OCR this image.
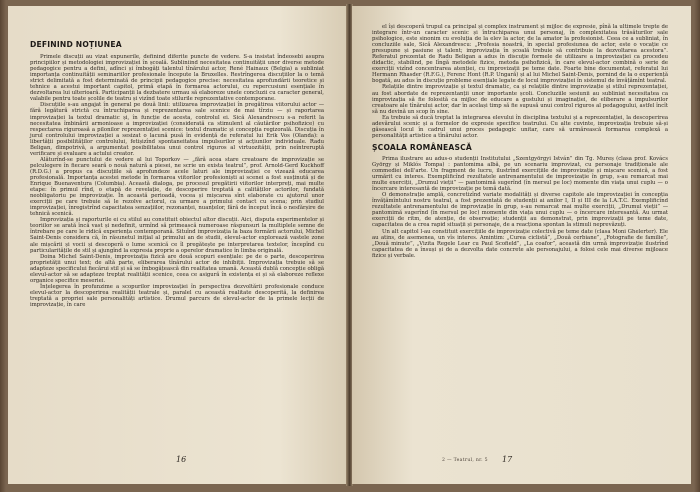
DEFININD NOȚIUNEA

Primele discuții au vizat expunerile, definind diferite puncte de vedere. S-a insistat îndeosebi asupra principiilor și metodologiei improvizației în școală. Subliniind necesitatea continuității unor diverse metode pedagogice pentru a defini, adînci și îmbogăți talentul tînărului actor, René Hainaux (Belgia) a subliniat importanța continuității seminariilor profesionale începute la Bruxelles. Restrîngerea discuțiilor la o temă strict delimitată a fost determinată de principii pedagogice precise: necesitatea aprofundării teoretice și tehnice a acestui important capitol, primă etapă în formarea actorului, cu repercusiuni esențiale în dezvoltarea lui ulterioară. Participanții la dezbatere urmau să elaboreze unele concluzii cu caracter general, valabile pentru toate școlile de teatru și vizînd toate stilurile reprezentative contemporane.

Discuțiile s-au angajat în general pe două linii: utilizarea improvizației în pregătirea viitorului actor — fără legătură strictă cu întruchiparea și reprezentarea sale scenice de mai tîrziu — și raportarea improvizației la textul dramatic și, în funcție de acesta, controlul ei. Sică Alexandrescu s-a referit la necesitatea îmbinării armonioase a improvizației (considerată ca stimulent al căutărilor psihofizice) cu respectarea riguroasă a pilonilor reprezentației scenice: textul dramatic și concepția regizorală. Discuția în jurul controlului improvizației a sesizat o lacună pusă în evidență de referatul lui Erik Vos (Olanda): a libertății posibilităților controlului, fetișizînd spontaneitatea impulsurilor și acțiunilor individuale. Radu Beligan, dimpotrivă, a argumentat posibilitatea unui control riguros al virtuozității, prin neîntreruptă verificare și evaluare a actului creator.

Alăturînd-se punctului de vedere al lui Toporkov — „fără acea stare creatoare de improvizație se pelculegere în fiecare seară o nouă natură a piesei, ne scrie un exista teatrul”, prof. Arnold-Gerd Kuckhoff (R.D.G.) a propus ca discuțiile să aprofundeze acele laturi ale improvizației ce vizează educarea profesională. Importanța acestei metode în formarea viitorilor profesioniști ai scenei a fost susținută și de Enrique Buenaventura (Columbia). Această dialoga, pe procesul pregătirii viitorilor interpreți, mai multe etape: în primul rînd, o etapă de revelație, de descoperire treptată a calităților actorilor, fundată neobligatoriu pe improvizație. În această perioadă, vocea și mișcarea sînt elaborate cu ajutorul unor exerciții pe care trebuie să le rezolve actorul, ca urmare a primului contact cu scena; prin studiul improvizației, înregistrînd capacitatea senzațiilor, rezonanței, nuanțelor, fără de început încă o nesfărșire de tehnică scenică.

Improvizația și raporturile ei cu stilul au constituit obiectul altor discuții. Aici, disputa experimentelor și teoriilor se arată încă vast și nedefinit, urmînd să primească numeroase răspunsuri la multiplele semne de întrebare pe care le ridică experiența contemporană. Situînd improvizația la baza formării actorului, Michel Saint-Denis considera că, în răsunetul inițial al primului an de studii, elevul-actor explorează vastele zone ale mișcării și vocii și descoperă o lume scenică ce îl pregătește pe interpretarea textelor, începînd cu particularitățile de stil și ajungînd la expresia proprie a operelor dramatice în limba originală.

Doina Michel Saint-Denis, improvizația fizică are două scopuri esențiale: pe de o parte, descoperirea proprietății unui text; de altă parte, eliberarea tînărului actor de inhibiții. Improvizația trebuie să se adapteze specificului fiecărui stil și să se îmbogățească din realitatea umană. Această dublă concepție obligă elevul-actor să se adapteze treptat realității scenice, ceea ce asigură în existența ei și să elaboreze reflexe organice specifice meseriei.

Înțelegerea în profunzime a scopurilor improvizației în perspectiva dezvoltării profesionale conduce elevul-actor la descoperirea realității teatrale și, paralel cu această realitate descoperită, la definirea treptată a propriei sale personalități artistice. Drumul parcurs de elevul-actor de la primele lecții de improvizație, în care

16

el își descoperă trupul ca principal și complex instrument și mijloc de expresie, pînă la ultimele trepte de integrare într-un caracter scenic și întruchiparea unui personaj, în complexitatea trăsăturilor sale psihologice, este sinonim cu evoluția de la elev la actor, de la amator la profesionist. Ceea ce a subliniat, în concluziile sale, Sică Alexandrescu: „Profesia noastră, în special profesiunea de actor, este o vocație ce presupune și pasiune și talent; improvizația în școală trebuie să contribuie la dezvoltarea acestora”. Referatul prezentat de Radu Beligan a adus în discuție formele de utilizare a improvizației ca procedeu didactic, stabilind, pe lîngă metodele fizice, metoda psihofizică, în care elevul-actor combină o serie de exerciții vizînd concentrarea atenției, cu improvizații pe teme date. Foarte bine documentat, referatul lui Hermann Rhasder (R.F.G.), Ferenc Hont (R.P. Ungară) și al lui Michel Saint-Denis, pornind de la o experiență bogată, au adus în discuție probleme esențiale legate de locul improvizației în sistemul de învățămînt teatral.

Relațiile dintre improvizație și textul dramatic, ca și relațiile dintre improvizație și stilul reprezentației, au fost abordate de reprezentanții unor importante școli. Concluziile sesiunii au subliniat necesitatea ca improvizația să fie folosită ca mijloc de educare a gustului și imaginației, de eliberare a impulsurilor creatoare ale tînărului actor, dar în același timp să fie supusă unui control riguros al pedagogului, astfel încît să nu devină un scop în sine.

Ea trebuie să ducă treptat la integrarea elevului în disciplina textului și a reprezentației, la descoperirea adevărului scenic și a formelor de expresie specifice teatrului. Cu alte cuvinte, improvizația trebuie să-și găsească locul în cadrul unui proces pedagogic unitar, care să urmărească formarea complexă a personalității artistice a tînărului actor.

ȘCOALA ROMÂNEASCĂ

Prima ilustrare au adus-o studenții Institutului „Szentgyörgyi István” din Tg. Mureș (clasa prof. Kovács György și Miklós Tompa) : pantomima albă, pe un scenariu improvizat, cu personaje tradiționale ale commediei dell'arte. Un fragment de lucru, ilustrînd exercițiile de improvizație și mișcare scenică, a fost urmărit cu interes. Exemplificînd rezultatele antrenamentului de improvizație în grup, s-au remarcat mai multe exerciții, „Drumul vieții” — pantomimă sugerînd (în mersul pe loc) momente din viața unui cuplu — o încercare interesantă de improvizație pe temă dată.

O demonstrație amplă, concretizînd variate modalități și diverse capitole ale improvizației în concepția învățămîntului nostru teatral, a fost prezentată de studenții ai anilor I, II și III de la I.A.T.C. Exemplificînd rezultatele antrenamentului de improvizație în grup, s-au remarcat mai multe exerciții, „Drumul vieții” — pantomimă sugerînd (în mersul pe loc) momente din viața unui cuplu — o încercare interesantă. Au urmat exerciții de ritm, de atenție, de observație; studenții au demonstrat, prin improvizații pe teme date, capacitatea de a crea rapid situații și personaje, de a reacționa spontan la stimuli neprevăzuți.

Un alt capitol l-au constituit exercițiile de improvizație colectivă pe teme date (clasa Moni Ghelerter). Ele au atins, de asemenea, un vîs interes. Amintim: „Curea ciclistă”, „Două cerbiane”, „Fotografie de familie”, „Două minute”, „Vizita Regele Lear cu Paul Scofield”, „La coafor”, această din urmă improvizație ilustrînd capacitatea de a însuși și de a dezvolta date concrete ale personajului, a folosi cele mai diverse mijloace fizice și verbale.

2 — Teatrul, nr. 5 17
